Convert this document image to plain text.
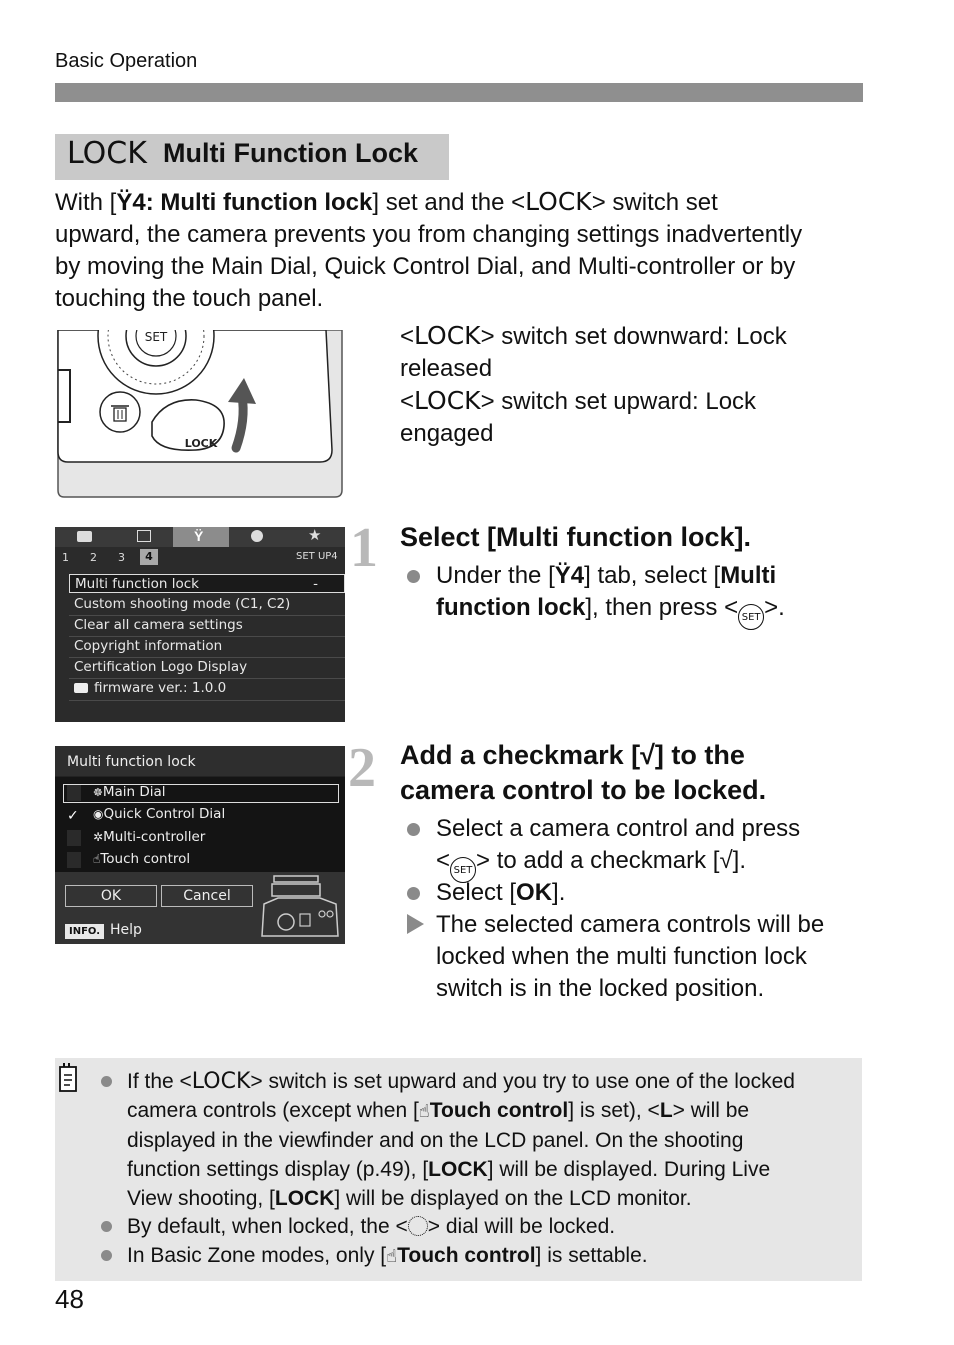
Basic Operation
LOCK Multi Function Lock
With [Ÿ4: Multi function lock] set and the <LOCK> switch set
upward, the camera prevents you from changing settings inadvertently
by moving the Main Dial, Quick Control Dial, and Multi-controller or by
touching the touch panel.
SET
LOCK
<LOCK> switch set downward: Lock
released
<LOCK> switch set upward: Lock
engaged
Ÿ	★
1 2 3	4	SET UP4
Multi function lock	-
Custom shooting mode (C1, C2)
Clear all camera settings
Copyright information
Certification Logo Display
firmware ver.: 1.0.0
1 Select [Multi function lock].
Under the [Ÿ4] tab, select [Multi
function lock], then press < SET >.
Multi function lock
☸Main Dial
✓ ◉Quick Control Dial
✲Multi-controller
☝Touch control
OK	Cancel
INFO. Help
2 Add a checkmark [√] to the
camera control to be locked.
Select a camera control and press
< SET > to add a checkmark [√].
Select [OK].
The selected camera controls will be
locked when the multi function lock
switch is in the locked position.
If the <LOCK> switch is set upward and you try to use one of the locked
camera controls (except when [☝Touch control] is set), <L> will be
displayed in the viewfinder and on the LCD panel. On the shooting
function settings display (p.49), [LOCK] will be displayed. During Live
View shooting, [LOCK] will be displayed on the LCD monitor.
By default, when locked, the < > dial will be locked.
In Basic Zone modes, only [☝Touch control] is settable.
48
